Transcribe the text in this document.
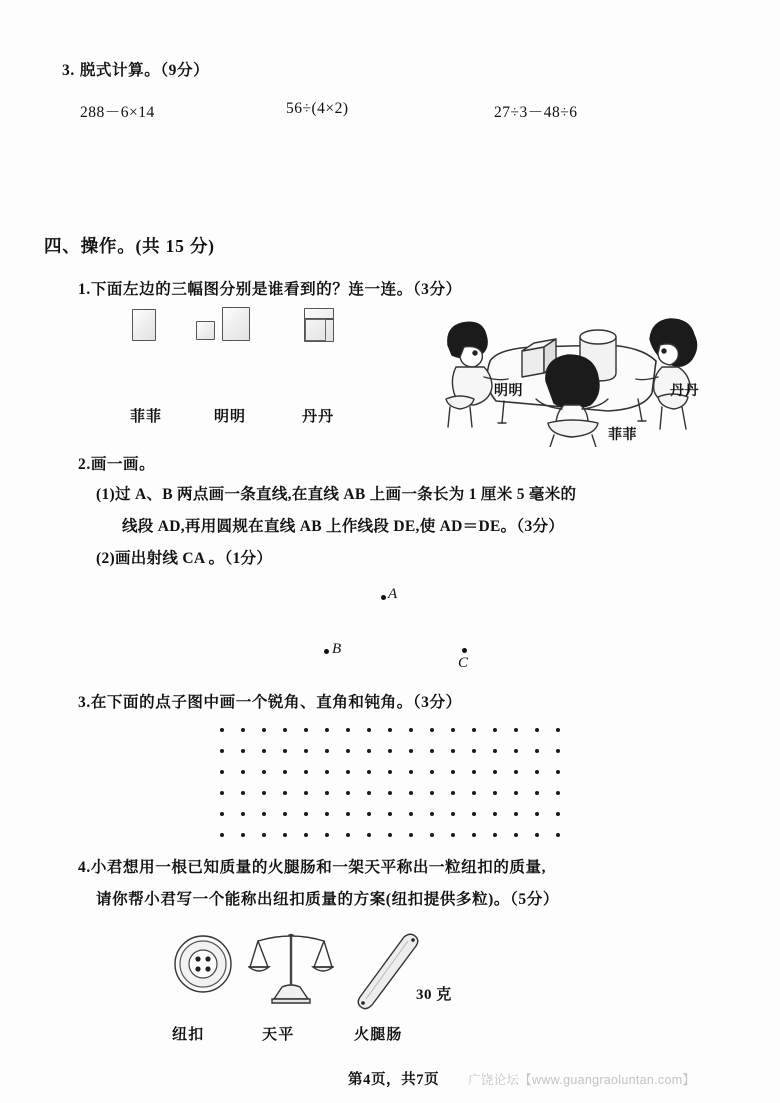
3. 脱式计算。（9分）
288－6×14	56÷(4×2)	27÷3－48÷6
四、操作。(共 15 分)
1.下面左边的三幅图分别是谁看到的？连一连。（3分）
菲菲	明明	丹丹
明明	丹丹
菲菲
2.画一画。
(1)过 A、B 两点画一条直线,在直线 AB 上画一条长为 1 厘米 5 毫米的
线段 AD,再用圆规在直线 AB 上作线段 DE,使 AD＝DE。（3分）
(2)画出射线 CA 。（1分）
A
B
C
3.在下面的点子图中画一个锐角、直角和钝角。（3分）
4.小君想用一根已知质量的火腿肠和一架天平称出一粒纽扣的质量,
请你帮小君写一个能称出纽扣质量的方案(纽扣提供多粒)。（5分）
纽扣	天平	火腿肠
30 克
第4页，共7页 广饶论坛【www.guangraoluntan.com】
